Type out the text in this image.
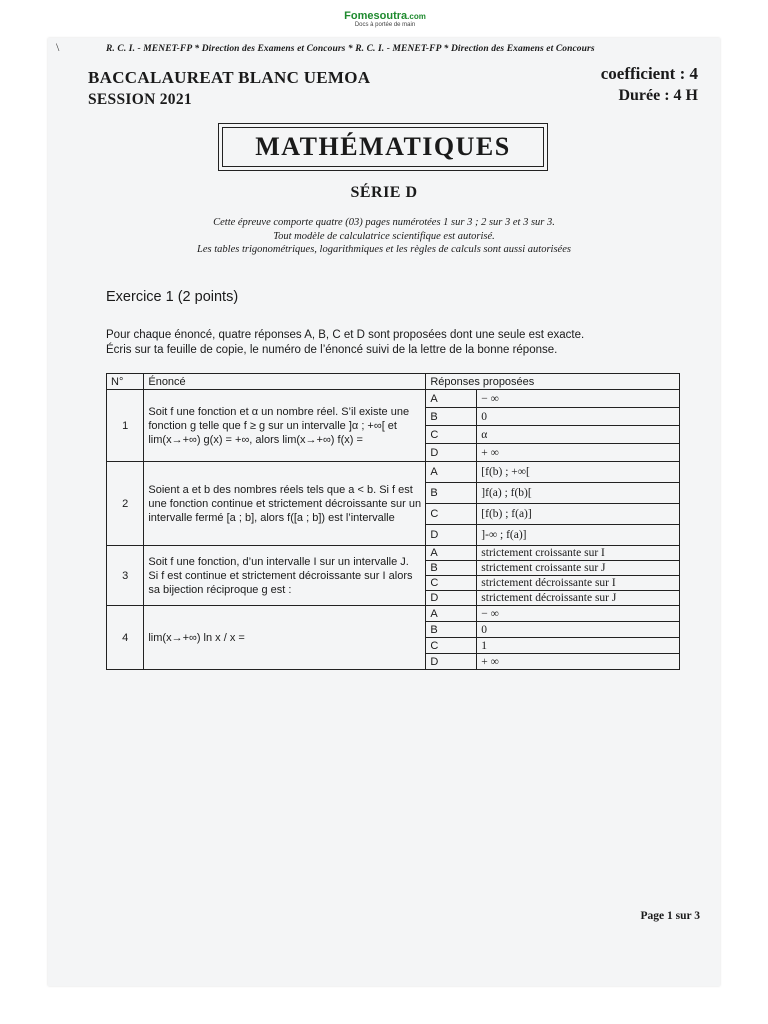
Fomesoutra.com
Docs à portée de main
\	R. C. I. - MENET-FP * Direction des Examens et Concours * R. C. I. - MENET-FP * Direction des Examens et Concours
BACCALAUREAT BLANC UEMOA
SESSION 2021
coefficient : 4
Durée : 4 H
MATHÉMATIQUES
SÉRIE D
Cette épreuve comporte quatre (03) pages numérotées 1 sur 3 ; 2 sur 3 et 3 sur 3.
Tout modèle de calculatrice scientifique est autorisé.
Les tables trigonométriques, logarithmiques et les règles de calculs sont aussi autorisées
Exercice 1 (2 points)
Pour chaque énoncé, quatre réponses A, B, C et D sont proposées dont une seule est exacte.
Écris sur ta feuille de copie, le numéro de l’énoncé suivi de la lettre de la bonne réponse.
N°	Énoncé	Réponses proposées	
1	Soit f une fonction et α un nombre réel. S’il existe une fonction g telle que f ≥ g sur un intervalle ]α ; +∞[ et lim(x→+∞) g(x) = +∞, alors lim(x→+∞) f(x) =	A	− ∞
		B	0
		C	α
		D	+ ∞
2	Soient a et b des nombres réels tels que a < b. Si f est une fonction continue et strictement décroissante sur un intervalle fermé [a ; b], alors f([a ; b]) est l’intervalle	A	[f(b) ; +∞[
		B	]f(a) ; f(b)[
		C	[f(b) ; f(a)]
		D	]-∞ ; f(a)]
3	Soit f une fonction, d’un intervalle I sur un intervalle J. Si f est continue et strictement décroissante sur I alors sa bijection réciproque g est :	A	strictement croissante sur I
		B	strictement croissante sur J
		C	strictement décroissante sur I
		D	strictement décroissante sur J
4	lim(x→+∞) ln x / x =	A	− ∞
		B	0
		C	1
		D	+ ∞
Page 1 sur 3
